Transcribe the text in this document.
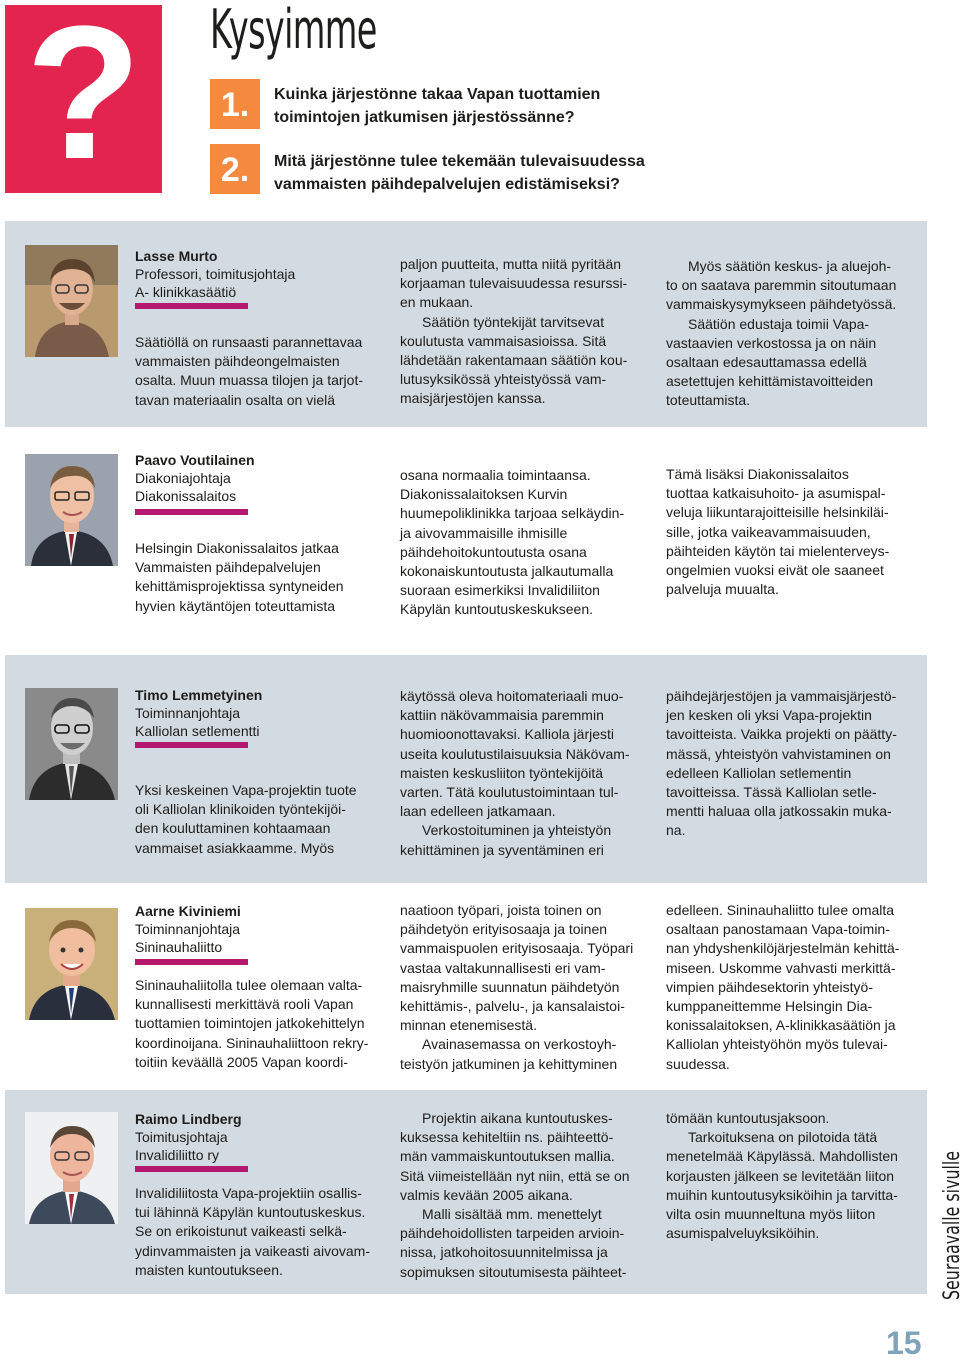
?	Kysyimme
1.	Kuinka järjestönne takaa Vapan tuottamien
toimintojen jatkumisen järjestössänne?
2.	Mitä järjestönne tulee tekemään tulevaisuudessa
vammaisten päihdepalvelujen edistämiseksi?
Lasse Murto
Professori, toimitusjohtaja
A- klinikkasäätiö

Säätiöllä on runsaasti parannettavaa

vammaisten päihdeongelmaisten

osalta. Muun muassa tilojen ja tarjot-

tavan materiaalin osalta on vielä

paljon puutteita, mutta niitä pyritään

korjaaman tulevaisuudessa resurssi-

en mukaan.

Säätiön työntekijät tarvitsevat

koulutusta vammaisasioissa. Sitä

lähdetään rakentamaan säätiön kou-

lutusyksikössä yhteistyössä vam-

maisjärjestöjen kanssa.

Myös säätiön keskus- ja aluejoh-

to on saatava paremmin sitoutumaan

vammaiskysymykseen päihdetyössä.

Säätiön edustaja toimii Vapa-

vastaavien verkostossa ja on näin

osaltaan edesauttamassa edellä

asetettujen kehittämistavoitteiden

toteuttamista.

Paavo Voutilainen
Diakoniajohtaja
Diakonissalaitos

Helsingin Diakonissalaitos jatkaa

Vammaisten päihdepalvelujen

kehittämisprojektissa syntyneiden

hyvien käytäntöjen toteuttamista

osana normaalia toimintaansa.

Diakonissalaitoksen Kurvin

huumepoliklinikka tarjoaa selkäydin-

ja aivovammaisille ihmisille

päihdehoitokuntoutusta osana

kokonaiskuntoutusta jalkautumalla

suoraan esimerkiksi Invalidiliiton

Käpylän kuntoutuskeskukseen.

Tämä lisäksi Diakonissalaitos

tuottaa katkaisuhoito- ja asumispal-

veluja liikuntarajoitteisille helsinkiläi-

sille, jotka vaikeavammaisuuden,

päihteiden käytön tai mielenterveys-

ongelmien vuoksi eivät ole saaneet

palveluja muualta.

Timo Lemmetyinen
Toiminnanjohtaja
Kalliolan setlementti

Yksi keskeinen Vapa-projektin tuote

oli Kalliolan klinikoiden työntekijöi-

den kouluttaminen kohtaamaan

vammaiset asiakkaamme. Myös

käytössä oleva hoitomateriaali muo-

kattiin näkövammaisia paremmin

huomioonottavaksi. Kalliola järjesti

useita koulutustilaisuuksia Näkövam-

maisten keskusliiton työntekijöitä

varten. Tätä koulutustoimintaan tul-

laan edelleen jatkamaan.

Verkostoituminen ja yhteistyön

kehittäminen ja syventäminen eri

päihdejärjestöjen ja vammaisjärjestö-

jen kesken oli yksi Vapa-projektin

tavoitteista. Vaikka projekti on päätty-

mässä, yhteistyön vahvistaminen on

edelleen Kalliolan setlementin

tavoitteissa. Tässä Kalliolan setle-

mentti haluaa olla jatkossakin muka-

na.

Aarne Kiviniemi
Toiminnanjohtaja
Sininauhaliitto

Sininauhaliitolla tulee olemaan valta-

kunnallisesti merkittävä rooli Vapan

tuottamien toimintojen jatkokehittelyn

koordinoijana. Sininauhaliittoon rekry-

toitiin keväällä 2005 Vapan koordi-

naatioon työpari, joista toinen on

päihdetyön erityisosaaja ja toinen

vammaispuolen erityisosaaja. Työpari

vastaa valtakunnallisesti eri vam-

maisryhmille suunnatun päihdetyön

kehittämis-, palvelu-, ja kansalaistoi-

minnan etenemisestä.

Avainasemassa on verkostoyh-

teistyön jatkuminen ja kehittyminen

edelleen. Sininauhaliitto tulee omalta

osaltaan panostamaan Vapa-toimin-

nan yhdyshenkilöjärjestelmän kehittä-

miseen. Uskomme vahvasti merkittä-

vimpien päihdesektorin yhteistyö-

kumppaneittemme Helsingin Dia-

konissalaitoksen, A-klinikkasäätiön ja

Kalliolan yhteistyöhön myös tulevai-

suudessa.

Raimo Lindberg
Toimitusjohtaja
Invalidiliitto ry

Invalidiliitosta Vapa-projektiin osallis-

tui lähinnä Käpylän kuntoutuskeskus.

Se on erikoistunut vaikeasti selkä-

ydinvammaisten ja vaikeasti aivovam-

maisten kuntoutukseen.

Projektin aikana kuntoutuskes-

kuksessa kehiteltiin ns. päihteettö-

män vammaiskuntoutuksen mallia.

Sitä viimeistellään nyt niin, että se on

valmis kevään 2005 aikana.

Malli sisältää mm. menettelyt

päihdehoidollisten tarpeiden arvioin-

nissa, jatkohoitosuunnitelmissa ja

sopimuksen sitoutumisesta päihteet-

tömään kuntoutusjaksoon.

Tarkoituksena on pilotoida tätä

menetelmää Käpylässä. Mahdollisten

korjausten jälkeen se levitetään liiton

muihin kuntoutusyksiköihin ja tarvitta-

vilta osin muunneltuna myös liiton

asumispalveluyksiköihin.	Seuraavalle sivulle
15
